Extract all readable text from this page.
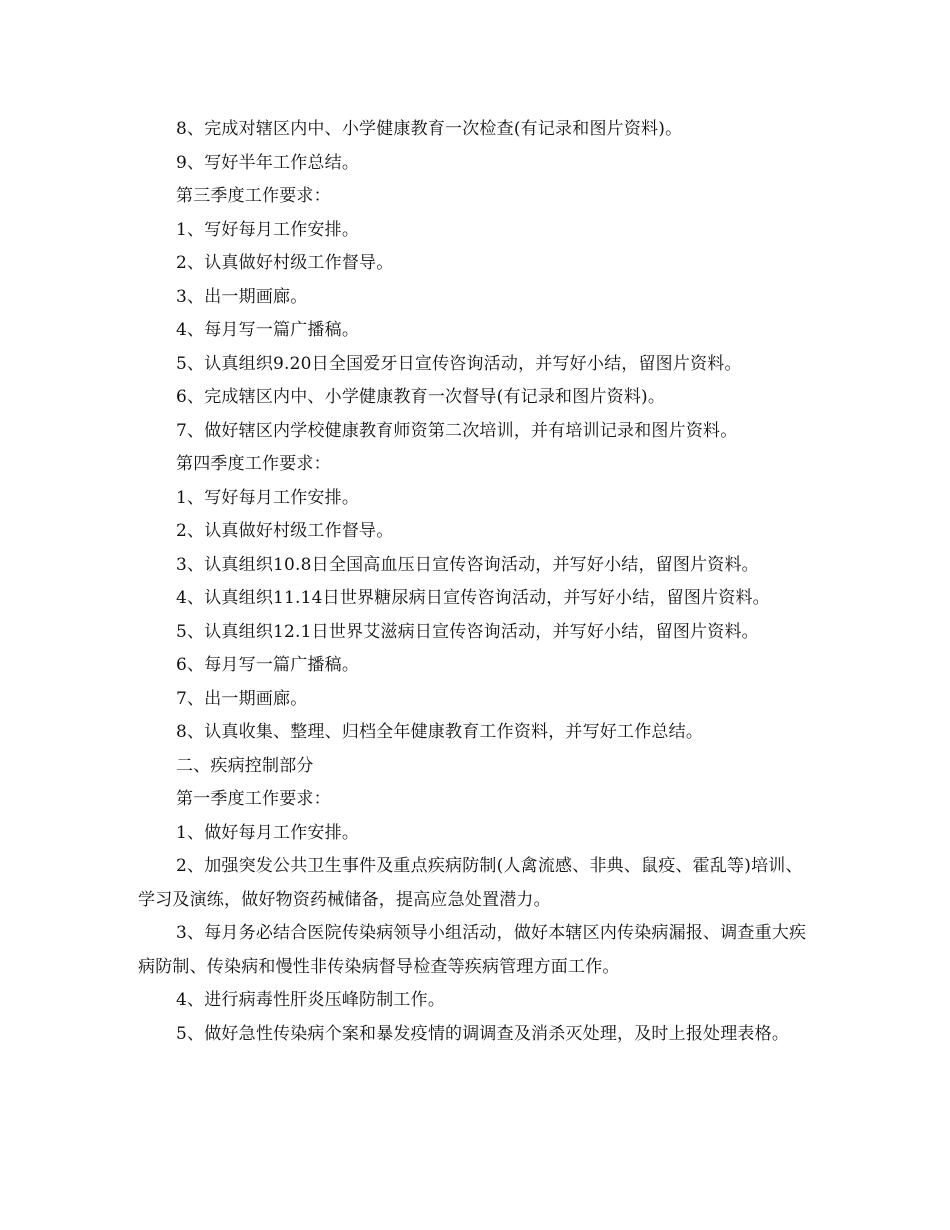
8、完成对辖区内中、小学健康教育一次检查(有记录和图片资料)。

9、写好半年工作总结。

第三季度工作要求：

1、写好每月工作安排。

2、认真做好村级工作督导。

3、出一期画廊。

4、每月写一篇广播稿。

5、认真组织9.20日全国爱牙日宣传咨询活动，并写好小结，留图片资料。

6、完成辖区内中、小学健康教育一次督导(有记录和图片资料)。

7、做好辖区内学校健康教育师资第二次培训，并有培训记录和图片资料。

第四季度工作要求：

1、写好每月工作安排。

2、认真做好村级工作督导。

3、认真组织10.8日全国高血压日宣传咨询活动，并写好小结，留图片资料。

4、认真组织11.14日世界糖尿病日宣传咨询活动，并写好小结，留图片资料。

5、认真组织12.1日世界艾滋病日宣传咨询活动，并写好小结，留图片资料。

6、每月写一篇广播稿。

7、出一期画廊。

8、认真收集、整理、归档全年健康教育工作资料，并写好工作总结。

二、疾病控制部分

第一季度工作要求：

1、做好每月工作安排。

2、加强突发公共卫生事件及重点疾病防制(人禽流感、非典、鼠疫、霍乱等)培训、学习及演练，做好物资药械储备，提高应急处置潜力。

3、每月务必结合医院传染病领导小组活动，做好本辖区内传染病漏报、调查重大疾病防制、传染病和慢性非传染病督导检查等疾病管理方面工作。

4、进行病毒性肝炎压峰防制工作。

5、做好急性传染病个案和暴发疫情的调调查及消杀灭处理，及时上报处理表格。
